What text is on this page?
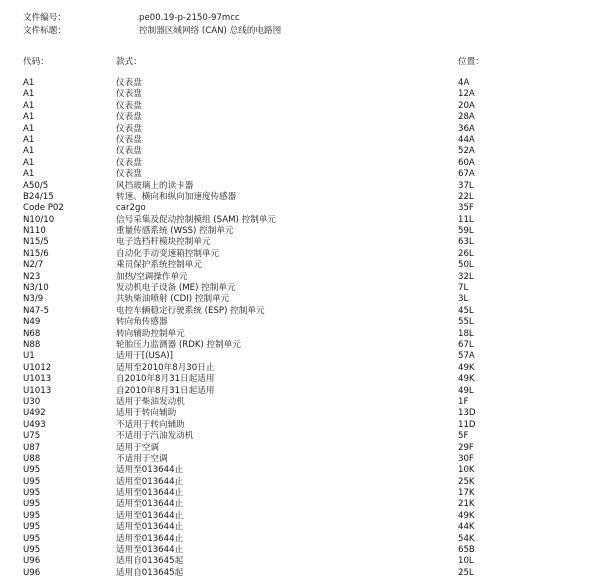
文件编号：	pe00.19-p-2150-97mcc
文件标题：	控制器区域网络 (CAN) 总线的电路图
代码：	款式：	位置：
A1	仪表盘	4A
A1	仪表盘	12A
A1	仪表盘	20A
A1	仪表盘	28A
A1	仪表盘	36A
A1	仪表盘	44A
A1	仪表盘	52A
A1	仪表盘	60A
A1	仪表盘	67A
A50/5	风挡玻璃上的读卡器	37L
B24/15	转速、横向和纵向加速度传感器	22L
Code P02	car2go	35F
N10/10	信号采集及促动控制模组 (SAM) 控制单元	11L
N110	重量传感系统 (WSS) 控制单元	59L
N15/5	电子选档杆模块控制单元	63L
N15/6	自动化手动变速箱控制单元	26L
N2/7	乘员保护系统控制单元	50L
N23	加热/空调操作单元	32L
N3/10	发动机电子设备 (ME) 控制单元	7L
N3/9	共轨柴油喷射 (CDI) 控制单元	3L
N47-5	电控车辆稳定行驶系统 (ESP) 控制单元	45L
N49	转向角传感器	55L
N68	转向辅助控制单元	18L
N88	轮胎压力监测器 (RDK) 控制单元	67L
U1	适用于[(USA)]	57A
U1012	适用至2010年8月30日止	49K
U1013	自2010年8月31日起适用	49K
U1013	自2010年8月31日起适用	49L
U30	适用于柴油发动机	1F
U492	适用于转向辅助	13D
U493	不适用于转向辅助	11D
U75	不适用于汽油发动机	5F
U87	适用于空调	29F
U88	不适用于空调	30F
U95	适用至013644止	10K
U95	适用至013644止	25K
U95	适用至013644止	17K
U95	适用至013644止	21K
U95	适用至013644止	49K
U95	适用至013644止	44K
U95	适用至013644止	54K
U95	适用至013644止	65B
U96	适用自013645起	10L
U96	适用自013645起	25L
